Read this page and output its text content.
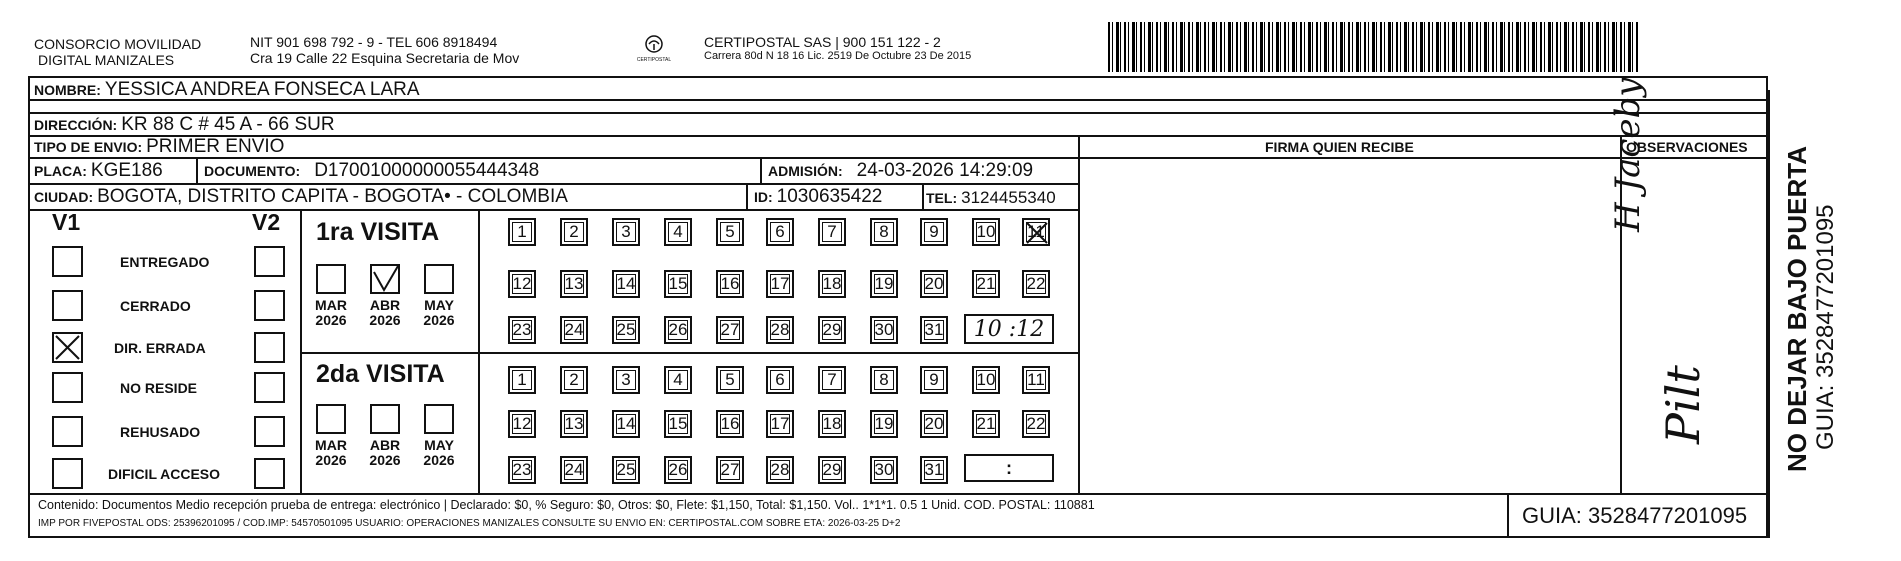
CONSORCIO MOVILIDAD
DIGITAL MANIZALES
NIT 901 698 792 - 9 - TEL 606 8918494
Cra 19 Calle 22 Esquina Secretaria de Mov	CERTIPOSTAL
CERTIPOSTAL SAS | 900 151 122 - 2
Carrera 80d N 18 16 Lic. 2519 De Octubre 23 De 2015
NOMBRE: YESSICA ANDREA FONSECA LARA
DIRECCIÓN: KR 88 C # 45 A - 66 SUR
TIPO DE ENVIO: PRIMER ENVIO	FIRMA QUIEN RECIBE	OBSERVACIONES
PLACA: KGE186	DOCUMENTO: D17001000000055444348	ADMISIÓN: 24-03-2026 14:29:09
CIUDAD: BOGOTA, DISTRITO CAPITA - BOGOTA• - COLOMBIA	ID: 1030635422	TEL: 3124455340
V1	V2
ENTREGADO
CERRADO
DIR. ERRADA
NO RESIDE
REHUSADO
DIFICIL ACCESO
1ra VISITA
2da VISITA
MAR
2026
ABR
2026
MAY
2026
MAR
2026
ABR
2026
MAY
2026
1	2	3	4	5 6	7	8 9 10 11
12 13 14 15 16 17 18 19 20 21 22
23 24 25 26 27 28 29 30 31
1	2	3	4	5 6	7	8 9 10 11
12 13 14 15 16 17 18 19 20 21 22
23 24 25 26 27 28 29 30 31
10 :12
:
H Jaceby
Pilt	NO DEJAR BAJO PUERTA GUIA: 3528477201095
Contenido: Documentos Medio recepción prueba de entrega: electrónico | Declarado: $0, % Seguro: $0, Otros: $0, Flete: $1,150, Total: $1,150. Vol.. 1*1*1. 0.5 1 Unid. COD. POSTAL: 110881
IMP POR FIVEPOSTAL ODS: 25396201095 / COD.IMP: 54570501095 USUARIO: OPERACIONES MANIZALES CONSULTE SU ENVIO EN: CERTIPOSTAL.COM SOBRE ETA: 2026-03-25 D+2	GUIA: 3528477201095
